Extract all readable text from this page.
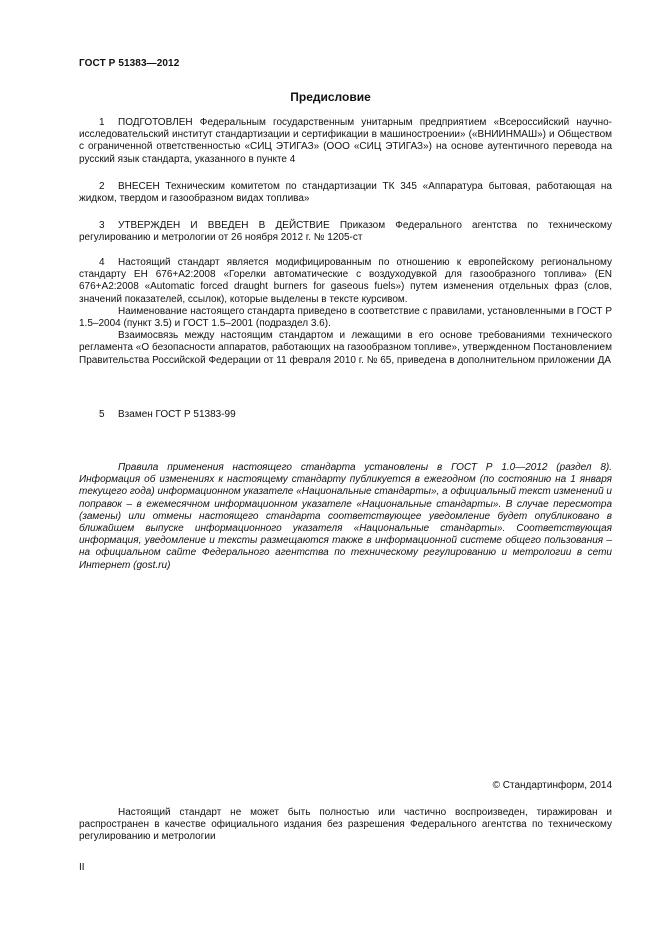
ГОСТ Р 51383—2012
Предисловие
1 ПОДГОТОВЛЕН Федеральным государственным унитарным предприятием «Всероссийский научно-исследовательский институт стандартизации и сертификации в машиностроении» («ВНИИНМАШ») и Обществом с ограниченной ответственностью «СИЦ ЭТИГАЗ» (ООО «СИЦ ЭТИГАЗ») на основе аутентичного перевода на русский язык стандарта, указанного в пункте 4
2 ВНЕСЕН Техническим комитетом по стандартизации ТК 345 «Аппаратура бытовая, работающая на жидком, твердом и газообразном видах топлива»
3 УТВЕРЖДЕН И ВВЕДЕН В ДЕЙСТВИЕ Приказом Федерального агентства по техническому регулированию и метрологии от 26 ноября 2012 г. № 1205-ст
4 Настоящий стандарт является модифицированным по отношению к европейскому региональному стандарту ЕН 676+А2:2008 «Горелки автоматические с воздуходувкой для газообразного топлива» (EN 676+A2:2008 «Automatic forced draught burners for gaseous fuels») путем изменения отдельных фраз (слов, значений показателей, ссылок), которые выделены в тексте курсивом.
Наименование настоящего стандарта приведено в соответствие с правилами, установленными в ГОСТ Р 1.5–2004 (пункт 3.5) и ГОСТ 1.5–2001 (подраздел 3.6).
Взаимосвязь между настоящим стандартом и лежащими в его основе требованиями технического регламента «О безопасности аппаратов, работающих на газообразном топливе», утвержденном Постановлением Правительства Российской Федерации от 11 февраля 2010 г. № 65, приведена в дополнительном приложении ДА
5 Взамен ГОСТ Р 51383-99
Правила применения настоящего стандарта установлены в ГОСТ Р 1.0—2012 (раздел 8). Информация об изменениях к настоящему стандарту публикуется в ежегодном (по состоянию на 1 января текущего года) информационном указателе «Национальные стандарты», а официальный текст изменений и поправок – в ежемесячном информационном указателе «Национальные стандарты». В случае пересмотра (замены) или отмены настоящего стандарта соответствующее уведомление будет опубликовано в ближайшем выпуске информационного указателя «Национальные стандарты». Соответствующая информация, уведомление и тексты размещаются также в информационной системе общего пользования – на официальном сайте Федерального агентства по техническому регулированию и метрологии в сети Интернет (gost.ru)
© Стандартинформ, 2014
Настоящий стандарт не может быть полностью или частично воспроизведен, тиражирован и распространен в качестве официального издания без разрешения Федерального агентства по техническому регулированию и метрологии
II
